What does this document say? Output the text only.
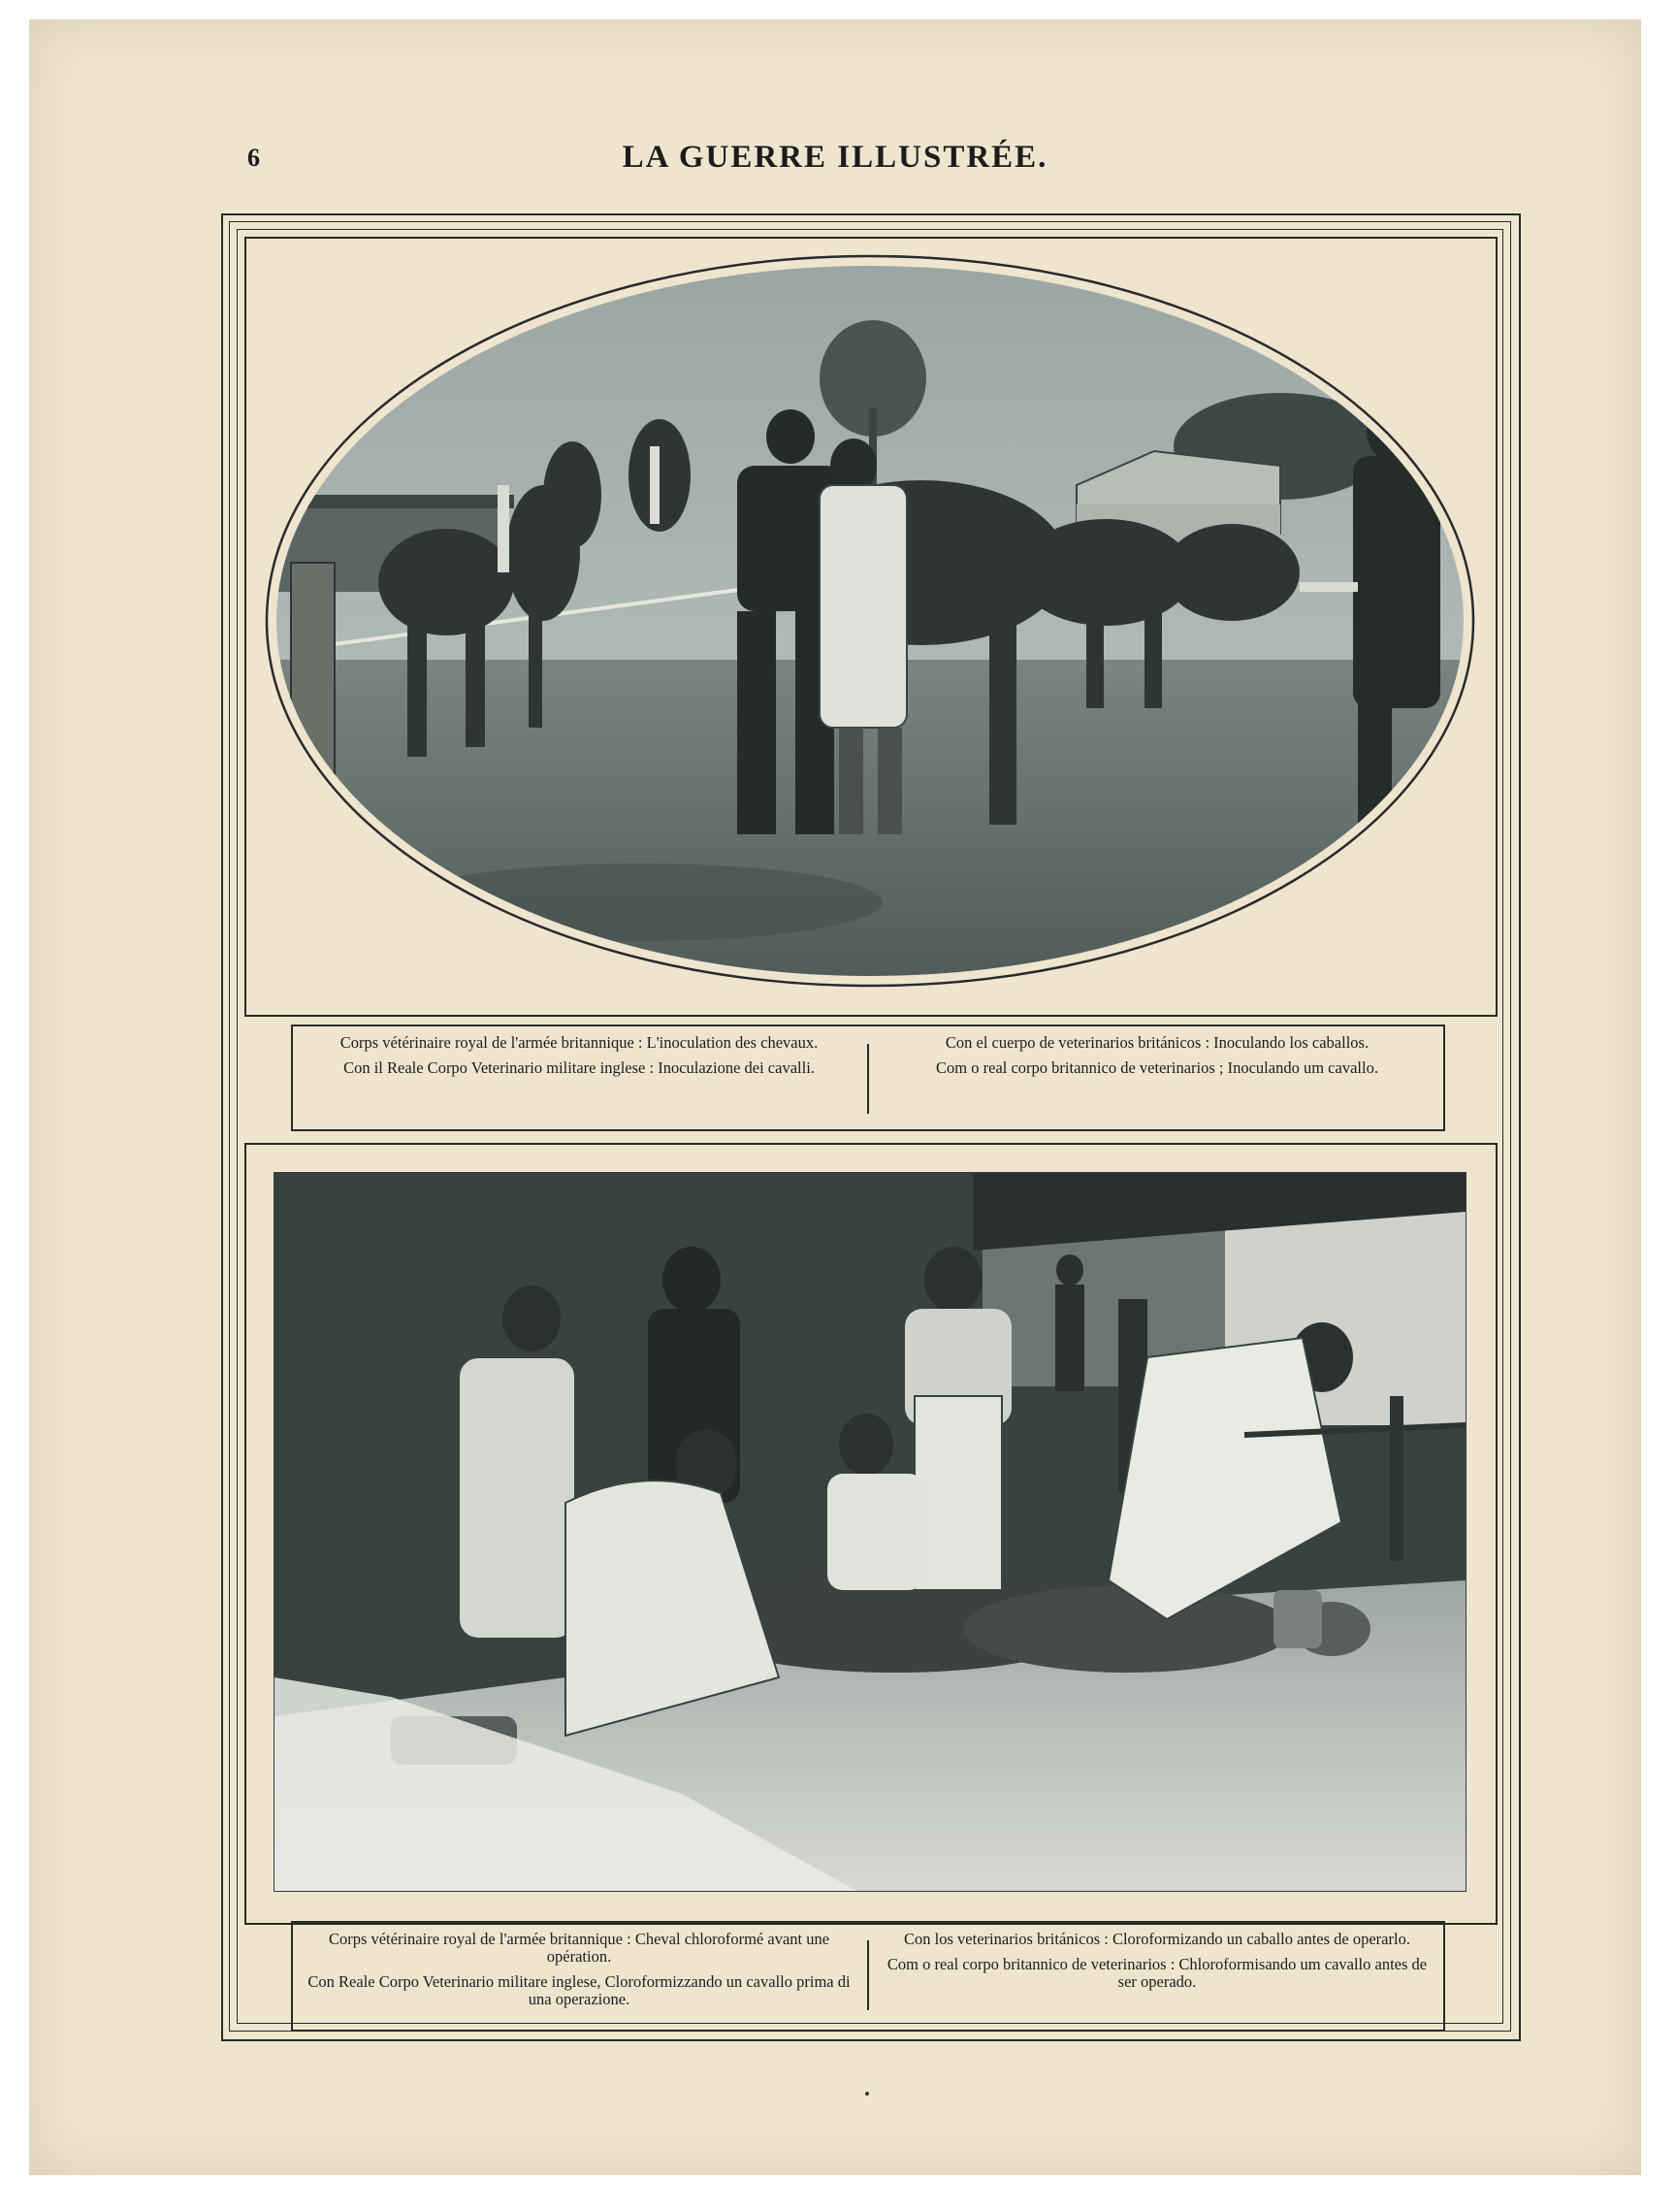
6	LA GUERRE ILLUSTRÉE.

Corps vétérinaire royal de l'armée britannique : L'inoculation des chevaux.

Con il Reale Corpo Veterinario militare inglese : Inoculazione dei cavalli.

Con el cuerpo de veterinarios británicos : Inoculando los caballos.

Com o real corpo britannico de veterinarios ; Inoculando um cavallo.

Corps vétérinaire royal de l'armée britannique : Cheval chloroformé avant une opération.

Con Reale Corpo Veterinario militare inglese, Cloroformizzando un cavallo prima di una operazione.

Con los veterinarios británicos : Cloroformizando un caballo antes de operarlo.

Com o real corpo britannico de veterinarios : Chloroformisando um cavallo antes de ser operado.
